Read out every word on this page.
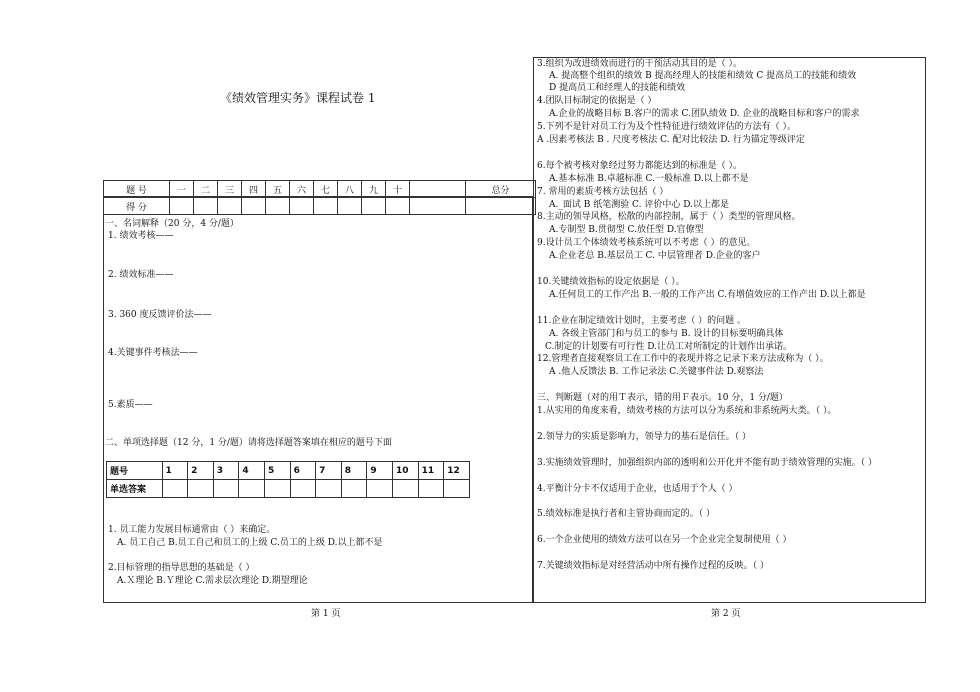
《绩效管理实务》课程试卷 1
题 号	一	二	三	四	五	六	七	八	九	十		总分
得 分												
一、名词解释（20 分，4 分/题）
1. 绩效考核——
2. 绩效标准——
3. 360 度反馈评价法——
4.关键事件考核法——
5.素质——
二、单项选择题（12 分，1 分/题）请将选择题答案填在相应的题号下面
题号	1	2	3	4	5	6	7	8	9	10	11	12
单选答案												
1. 员工能力发展目标通常由（ ）来确定。
A. 员工自己 B.员工自己和员工的上级 C.员工的上级 D.以上都不是
2.目标管理的指导思想的基础是（ ）
A.Ｘ理论 B.Ｙ理论 C.需求层次理论 D.期望理论
3.组织为改进绩效而进行的干预活动其目的是（ ）。
A. 提高整个组织的绩效 B 提高经理人的技能和绩效 C 提高员工的技能和绩效
D 提高员工和经理人的技能和绩效
4.团队目标制定的依据是（ ）
A.企业的战略目标 B.客户的需求 C.团队绩效 D. 企业的战略目标和客户的需求
5.下列不是针对员工行为及个性特征进行绩效评估的方法有（ ）。
A .因素考核法 B . 尺度考核法 C. 配对比较法 D. 行为锚定等级评定
6.每个被考核对象经过努力都能达到的标准是（ ）。
A.基本标准 B.卓越标准 C.一般标准 D.以上都不是
7. 常用的素质考核方法包括（ ）
A._面试 B 纸笔测验 C. 评价中心 D.以上都是
8.主动的领导风格，松散的内部控制，属于（ ）类型的管理风格。
A.专制型 B.贯彻型 C.放任型 D.官僚型
9.设计员工个体绩效考核系统可以不考虑（ ）的意见。
A.企业老总 B.基层员工 C. 中层管理者 D.企业的客户
10.关键绩效指标的设定依据是（ ）。
A.任何员工的工作产出 B.一般的工作产出 C.有增值效应的工作产出 D.以上都是
11.企业在制定绩效计划时，主要考虑（ ）的问题 。
A. 各级主管部门和与员工的参与 B. 设计的目标要明确具体
C.制定的计划要有可行性 D.让员工对所制定的计划作出承诺。
12.管理者直接观察员工在工作中的表现并将之记录下来方法成称为（ ）。
A .他人反馈法 B. 工作记录法 C.关键事件法 D.观察法
三、判断题（对的用Ｔ表示，错的用Ｆ表示。10 分，1 分/题）
1.从实用的角度来看，绩效考核的方法可以分为系统和非系统两大类。（ ）。
2.领导力的实质是影响力，领导力的基石是信任。（ ）
3.实施绩效管理时，加强组织内部的透明和公开化并不能有助于绩效管理的实施。（ ）
4.平衡计分卡不仅适用于企业，也适用于个人（ ）
5.绩效标准是执行者和主管协商而定的。（ ）
6.一个企业使用的绩效方法可以在另一个企业完全复制使用（ ）
7.关键绩效指标是对经营活动中所有操作过程的反映。（ ）
第 1 页	第 2 页
